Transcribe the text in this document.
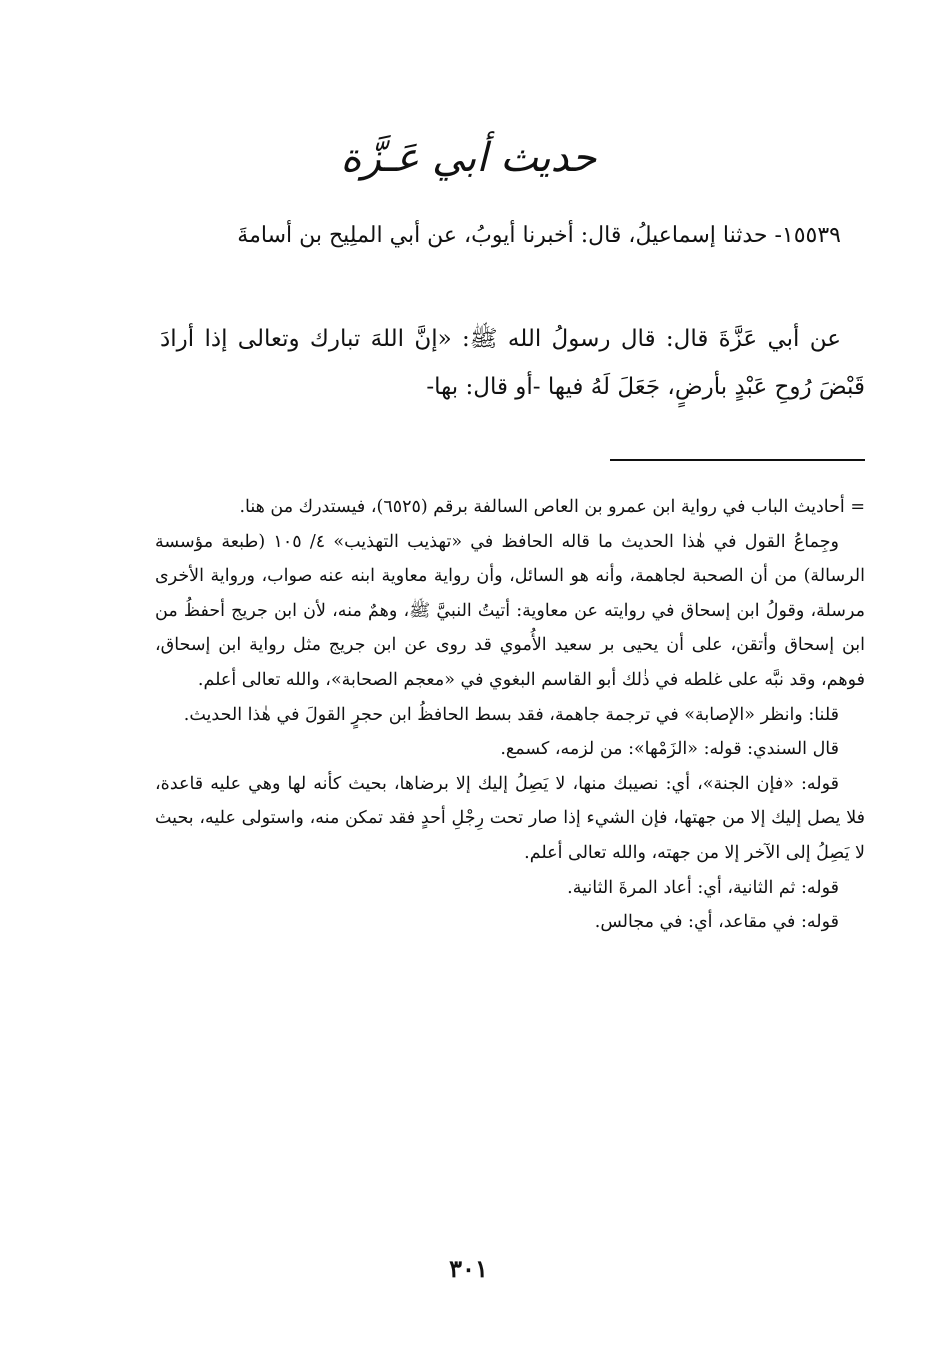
حديث أبي عَـزَّة

١٥٥٣٩- حدثنا إسماعيلُ، قال: أخبرنا أيوبُ، عن أبي الملِيح بن أسامةَ

عن أبي عَزَّةَ قال: قال رسولُ الله ﷺ: «إنَّ اللهَ تبارك وتعالى إذا أرادَ قَبْضَ رُوحِ عَبْدٍ بأرضٍ، جَعَلَ لَهُ فيها -أو قال: بها-

= أحاديث الباب في رواية ابن عمرو بن العاص السالفة برقم (٦٥٢٥)، فيستدرك من هنا.

وجِماعُ القول في هٰذا الحديث ما قاله الحافظ في «تهذيب التهذيب» ٤/ ١٠٥ (طبعة مؤسسة الرسالة) من أن الصحبة لجاهمة، وأنه هو السائل، وأن رواية معاوية ابنه عنه صواب، ورواية الأخرى مرسلة، وقولُ ابن إسحاق في روايته عن معاوية: أتيتُ النبيَّ ﷺ، وهمٌ منه، لأن ابن جريج أحفظُ من ابن إسحاق وأتقن، على أن يحيى بر سعيد الأُموي قد روى عن ابن جريج مثل رواية ابن إسحاق، فوهم، وقد نبَّه على غلطه في ذٰلك أبو القاسم البغوي في «معجم الصحابة»، والله تعالى أعلم.

قلنا: وانظر «الإصابة» في ترجمة جاهمة، فقد بسط الحافظُ ابن حجرٍ القولَ في هٰذا الحديث.

قال السندي: قوله: «الزَمْها»: من لزمه، كسمع.

قوله: «فإن الجنة»، أي: نصيبك منها، لا يَصِلُ إليك إلا برضاها، بحيث كأنه لها وهي عليه قاعدة، فلا يصل إليك إلا من جهتها، فإن الشيء إذا صار تحت رِجْلِ أحدٍ فقد تمكن منه، واستولى عليه، بحيث لا يَصِلُ إلى الآخر إلا من جهته، والله تعالى أعلم.

قوله: ثم الثانية، أي: أعاد المرةَ الثانية.

قوله: في مقاعد، أي: في مجالس.

٣٠١
